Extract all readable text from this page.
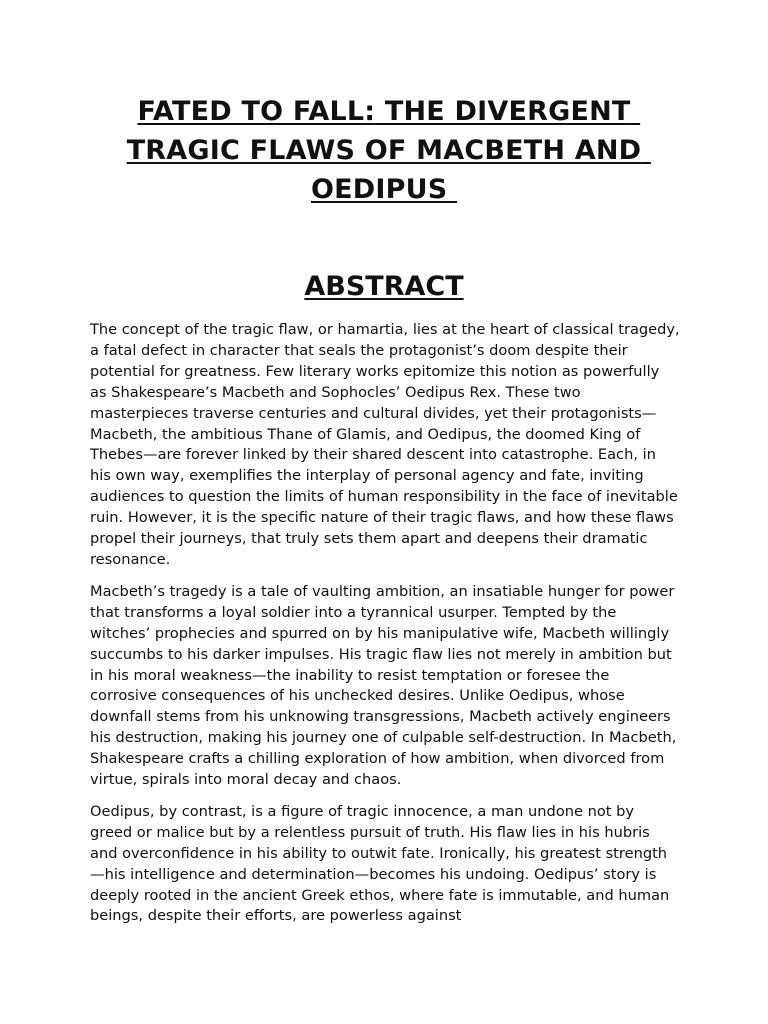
FATED TO FALL: THE DIVERGENT TRAGIC FLAWS OF MACBETH AND OEDIPUS
ABSTRACT

The concept of the tragic flaw, or hamartia, lies at the heart of classical tragedy, a fatal defect in character that seals the protagonist’s doom despite their potential for greatness. Few literary works epitomize this notion as powerfully as Shakespeare’s Macbeth and Sophocles’ Oedipus Rex. These two masterpieces traverse centuries and cultural divides, yet their protagonists—Macbeth, the ambitious Thane of Glamis, and Oedipus, the doomed King of Thebes—are forever linked by their shared descent into catastrophe. Each, in his own way, exemplifies the interplay of personal agency and fate, inviting audiences to question the limits of human responsibility in the face of inevitable ruin. However, it is the specific nature of their tragic flaws, and how these flaws propel their journeys, that truly sets them apart and deepens their dramatic resonance.

Macbeth’s tragedy is a tale of vaulting ambition, an insatiable hunger for power that transforms a loyal soldier into a tyrannical usurper. Tempted by the witches’ prophecies and spurred on by his manipulative wife, Macbeth willingly succumbs to his darker impulses. His tragic flaw lies not merely in ambition but in his moral weakness—the inability to resist temptation or foresee the corrosive consequences of his unchecked desires. Unlike Oedipus, whose downfall stems from his unknowing transgressions, Macbeth actively engineers his destruction, making his journey one of culpable self-destruction. In Macbeth, Shakespeare crafts a chilling exploration of how ambition, when divorced from virtue, spirals into moral decay and chaos.

Oedipus, by contrast, is a figure of tragic innocence, a man undone not by greed or malice but by a relentless pursuit of truth. His flaw lies in his hubris and overconfidence in his ability to outwit fate. Ironically, his greatest strength—his intelligence and determination—becomes his undoing. Oedipus’ story is deeply rooted in the ancient Greek ethos, where fate is immutable, and human beings, despite their efforts, are powerless against
